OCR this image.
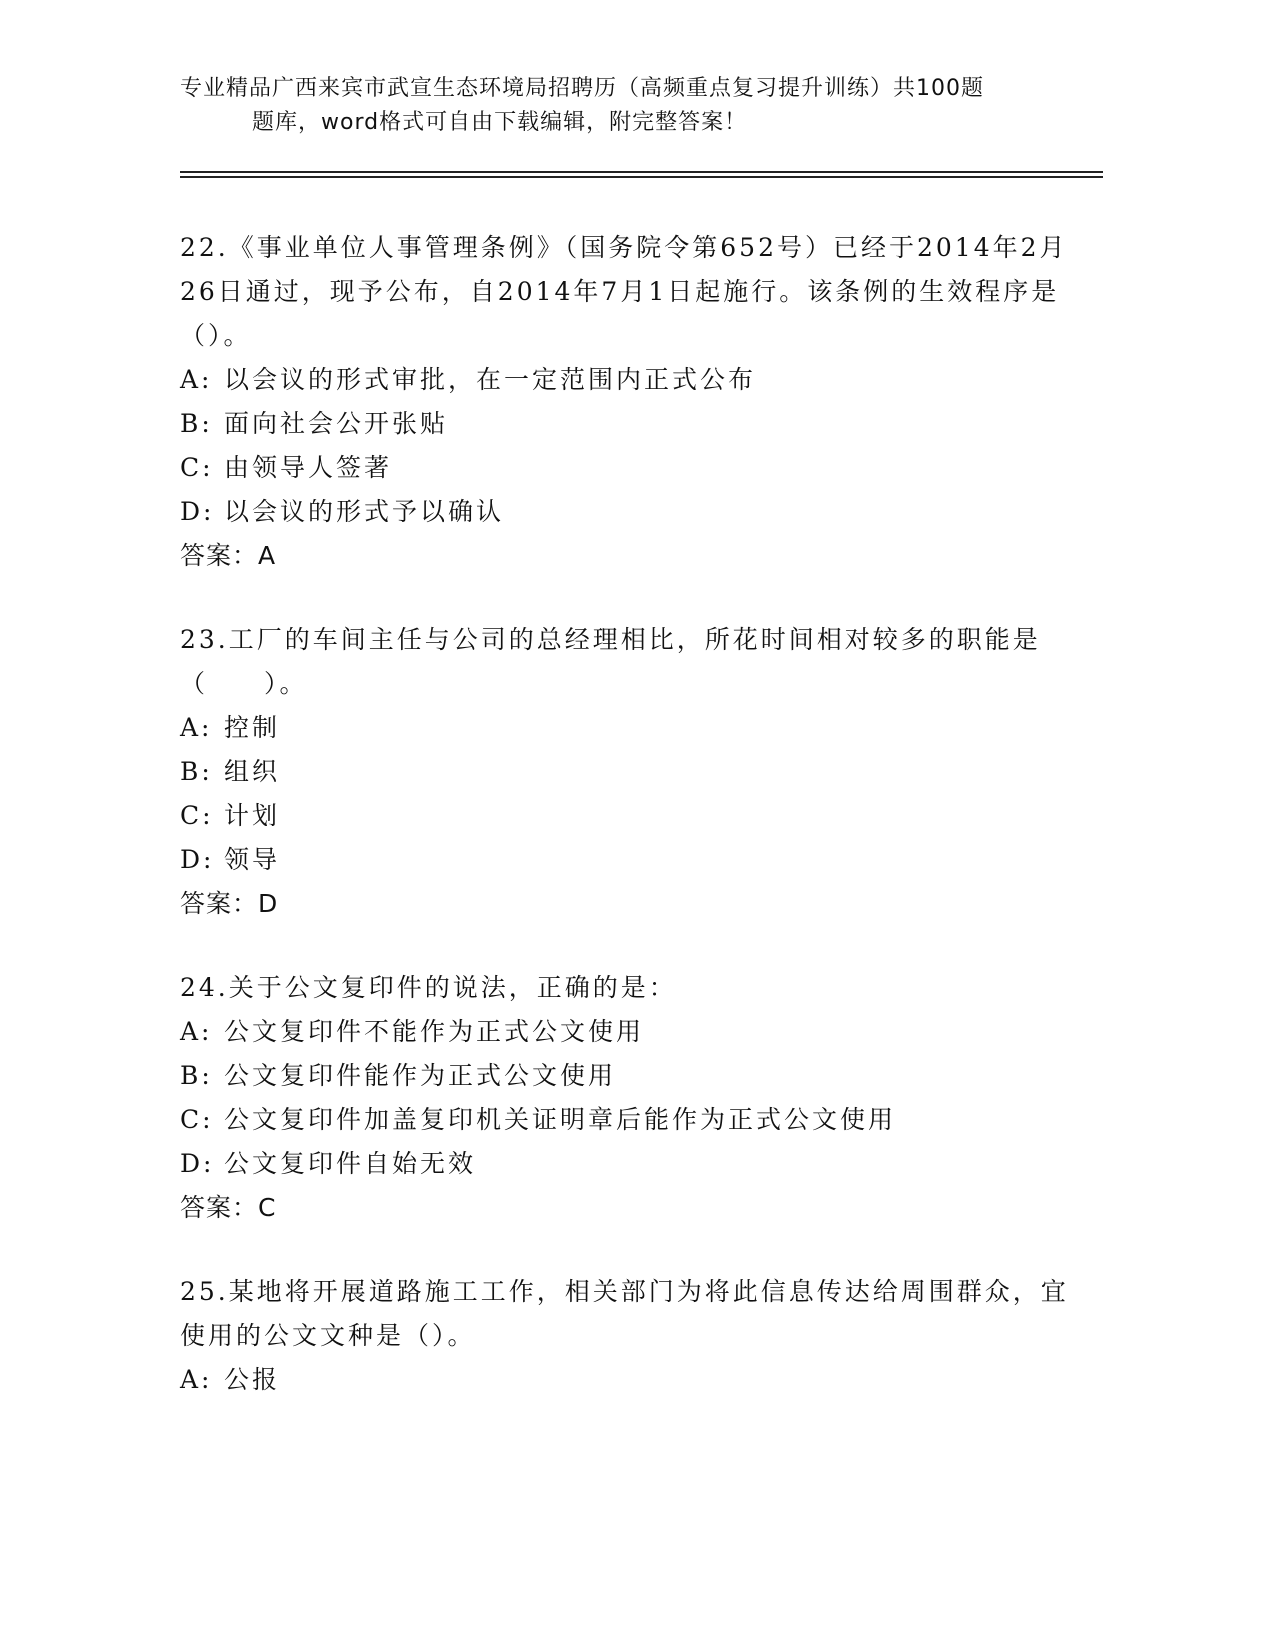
专业精品广西来宾市武宣生态环境局招聘历（高频重点复习提升训练）共100题
题库，word格式可自由下载编辑，附完整答案！

22.《事业单位人事管理条例》（国务院令第652号）已经于2014年2月26日通过，现予公布，自2014年7月1日起施行。该条例的生效程序是（）。

A: 以会议的形式审批，在一定范围内正式公布

B: 面向社会公开张贴

C: 由领导人签著

D: 以会议的形式予以确认

答案：A

23.工厂的车间主任与公司的总经理相比，所花时间相对较多的职能是（　　）。

A: 控制

B: 组织

C: 计划

D: 领导

答案：D

24.关于公文复印件的说法，正确的是：

A: 公文复印件不能作为正式公文使用

B: 公文复印件能作为正式公文使用

C: 公文复印件加盖复印机关证明章后能作为正式公文使用

D: 公文复印件自始无效

答案：C

25.某地将开展道路施工工作，相关部门为将此信息传达给周围群众，宜使用的公文文种是（）。

A: 公报
